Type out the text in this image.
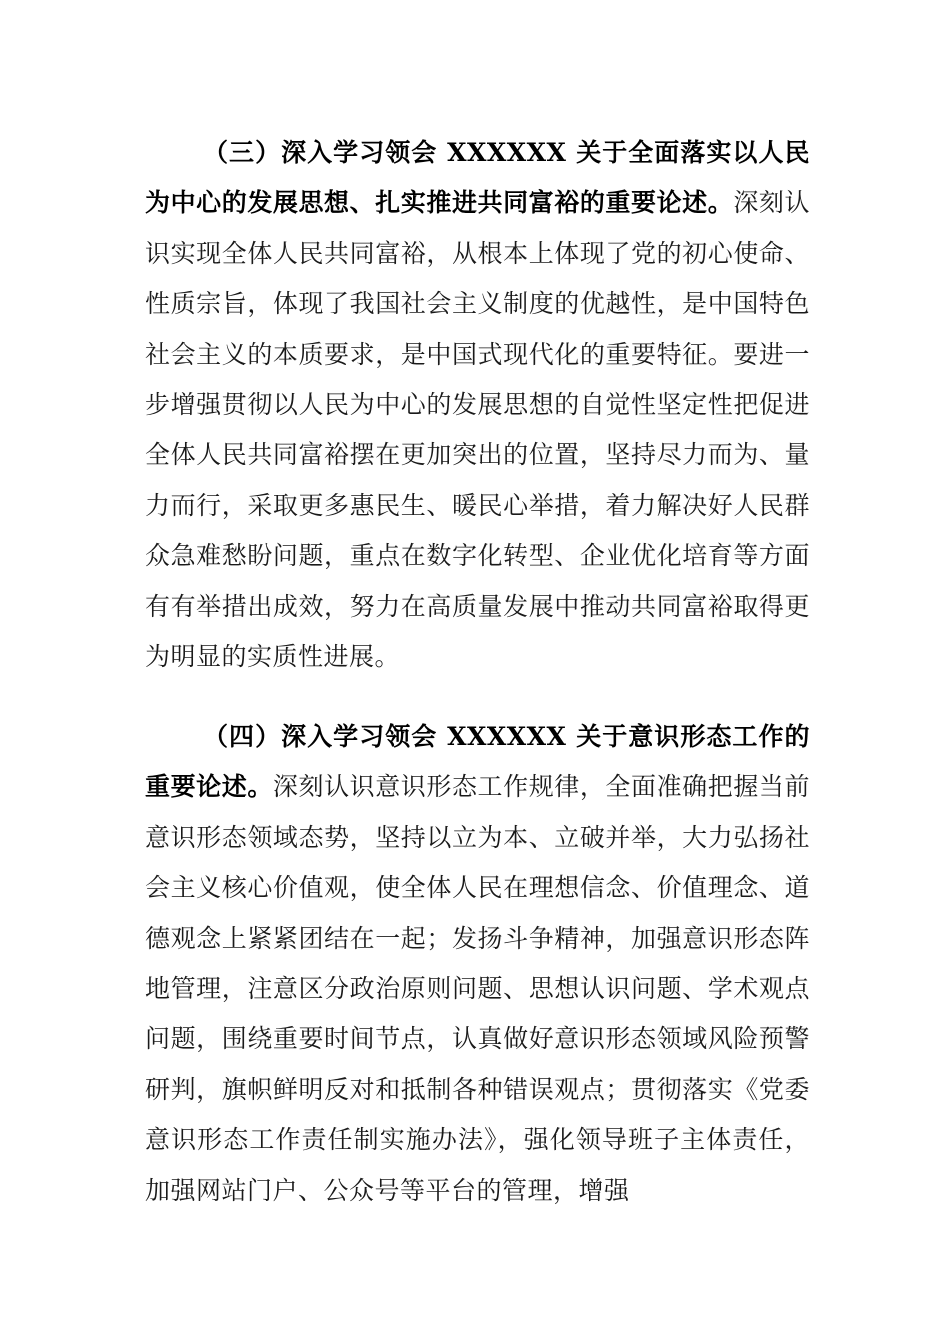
（三）深入学习领会 XXXXXX 关于全面落实以人民为中心的发展思想、扎实推进共同富裕的重要论述。深刻认识实现全体人民共同富裕，从根本上体现了党的初心使命、性质宗旨，体现了我国社会主义制度的优越性，是中国特色社会主义的本质要求，是中国式现代化的重要特征。要进一步增强贯彻以人民为中心的发展思想的自觉性坚定性把促进全体人民共同富裕摆在更加突出的位置，坚持尽力而为、量力而行，采取更多惠民生、暖民心举措，着力解决好人民群众急难愁盼问题，重点在数字化转型、企业优化培育等方面有有举措出成效，努力在高质量发展中推动共同富裕取得更为明显的实质性进展。

（四）深入学习领会 XXXXXX 关于意识形态工作的重要论述。深刻认识意识形态工作规律，全面准确把握当前意识形态领域态势，坚持以立为本、立破并举，大力弘扬社会主义核心价值观，使全体人民在理想信念、价值理念、道德观念上紧紧团结在一起；发扬斗争精神，加强意识形态阵地管理，注意区分政治原则问题、思想认识问题、学术观点问题，围绕重要时间节点，认真做好意识形态领域风险预警研判，旗帜鲜明反对和抵制各种错误观点；贯彻落实《党委意识形态工作责任制实施办法》，强化领导班子主体责任，加强网站门户、公众号等平台的管理，增强
